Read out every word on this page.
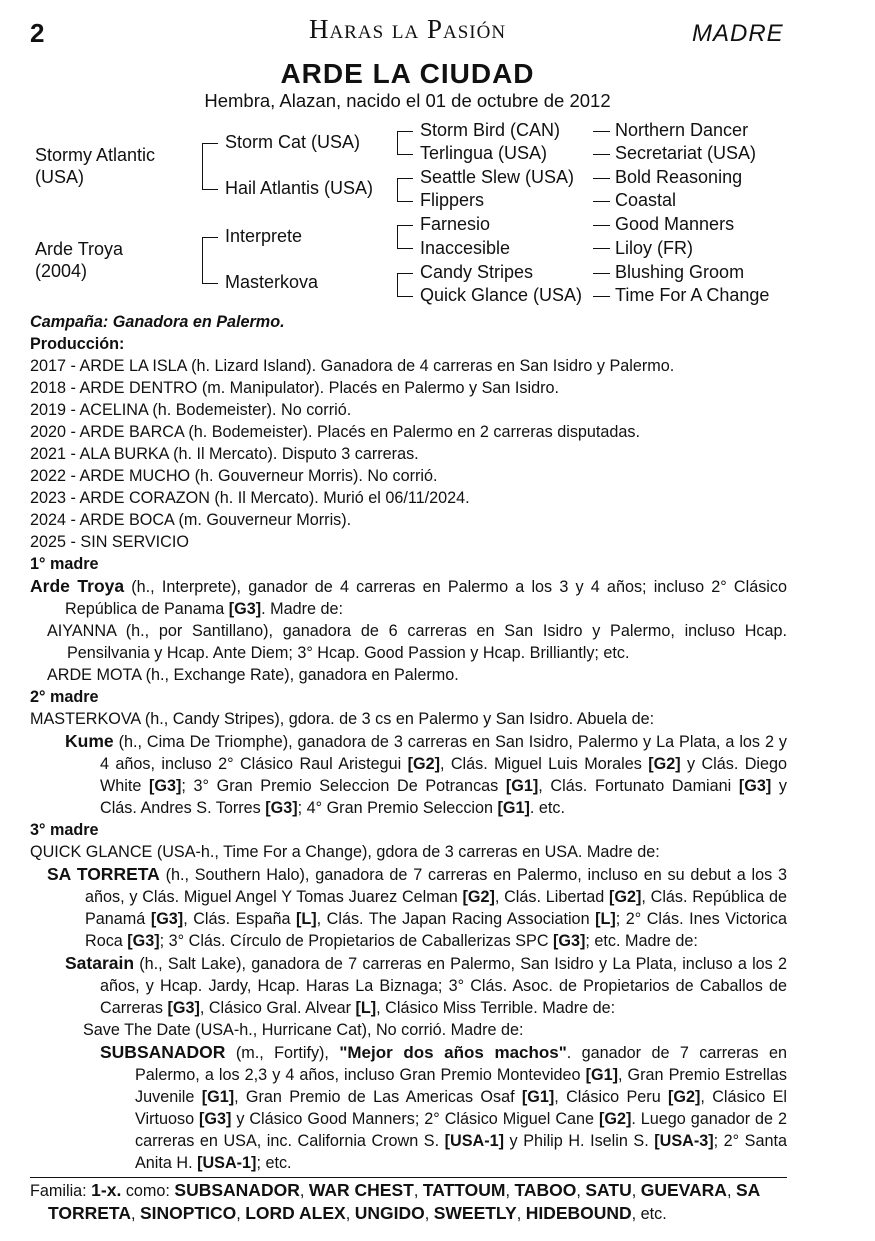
2	Haras la Pasión	MADRE
ARDE LA CIUDAD
Hembra, Alazan, nacido el 01 de octubre de 2012
Stormy Atlantic
(USA)
Arde Troya
(2004)
Storm Cat (USA)
Hail Atlantis (USA)
Interprete
Masterkova
Storm Bird (CAN)
Terlingua (USA)
Seattle Slew (USA)
Flippers
Farnesio
Inaccesible
Candy Stripes
Quick Glance (USA)
Northern Dancer
Secretariat (USA)
Bold Reasoning
Coastal
Good Manners
Liloy (FR)
Blushing Groom
Time For A Change

Campaña: Ganadora en Palermo.

Producción:

2017 - ARDE LA ISLA (h. Lizard Island). Ganadora de 4 carreras en San Isidro y Palermo.

2018 - ARDE DENTRO (m. Manipulator). Placés en Palermo y San Isidro.

2019 - ACELINA (h. Bodemeister). No corrió.

2020 - ARDE BARCA (h. Bodemeister). Placés en Palermo en 2 carreras disputadas.

2021 - ALA BURKA (h. Il Mercato). Disputo 3 carreras.

2022 - ARDE MUCHO (h. Gouverneur Morris). No corrió.

2023 - ARDE CORAZON (h. Il Mercato). Murió el 06/11/2024.

2024 - ARDE BOCA (m. Gouverneur Morris).

2025 - SIN SERVICIO

1° madre

Arde Troya (h., Interprete), ganador de 4 carreras en Palermo a los 3 y 4 años; incluso 2° Clásico República de Panama [G3]. Madre de:

AIYANNA (h., por Santillano), ganadora de 6 carreras en San Isidro y Palermo, incluso Hcap. Pensilvania y Hcap. Ante Diem; 3° Hcap. Good Passion y Hcap. Brilliantly; etc.

ARDE MOTA (h., Exchange Rate), ganadora en Palermo.

2° madre

MASTERKOVA (h., Candy Stripes), gdora. de 3 cs en Palermo y San Isidro. Abuela de:

Kume (h., Cima De Triomphe), ganadora de 3 carreras en San Isidro, Palermo y La Plata, a los 2 y 4 años, incluso 2° Clásico Raul Aristegui [G2], Clás. Miguel Luis Morales [G2] y Clás. Diego White [G3]; 3° Gran Premio Seleccion De Potrancas [G1], Clás. Fortunato Damiani [G3] y Clás. Andres S. Torres [G3]; 4° Gran Premio Seleccion [G1]. etc.

3° madre

QUICK GLANCE (USA-h., Time For a Change), gdora de 3 carreras en USA. Madre de:

SA TORRETA (h., Southern Halo), ganadora de 7 carreras en Palermo, incluso en su debut a los 3 años, y Clás. Miguel Angel Y Tomas Juarez Celman [G2], Clás. Libertad [G2], Clás. República de Panamá [G3], Clás. España [L], Clás. The Japan Racing Association [L]; 2° Clás. Ines Victorica Roca [G3]; 3° Clás. Círculo de Propietarios de Caballerizas SPC [G3]; etc. Madre de:

Satarain (h., Salt Lake), ganadora de 7 carreras en Palermo, San Isidro y La Plata, incluso a los 2 años, y Hcap. Jardy, Hcap. Haras La Biznaga; 3° Clás. Asoc. de Propietarios de Caballos de Carreras [G3], Clásico Gral. Alvear [L], Clásico Miss Terrible. Madre de:

Save The Date (USA-h., Hurricane Cat), No corrió. Madre de:

SUBSANADOR (m., Fortify), "Mejor dos años machos". ganador de 7 carreras en Palermo, a los 2,3 y 4 años, incluso Gran Premio Montevideo [G1], Gran Premio Estrellas Juvenile [G1], Gran Premio de Las Americas Osaf [G1], Clásico Peru [G2], Clásico El Virtuoso [G3] y Clásico Good Manners; 2° Clásico Miguel Cane [G2]. Luego ganador de 2 carreras en USA, inc. California Crown S. [USA-1] y Philip H. Iselin S. [USA-3]; 2° Santa Anita H. [USA-1]; etc.

Familia: 1-x. como: SUBSANADOR, WAR CHEST, TATTOUM, TABOO, SATU, GUEVARA, SA TORRETA, SINOPTICO, LORD ALEX, UNGIDO, SWEETLY, HIDEBOUND, etc.
